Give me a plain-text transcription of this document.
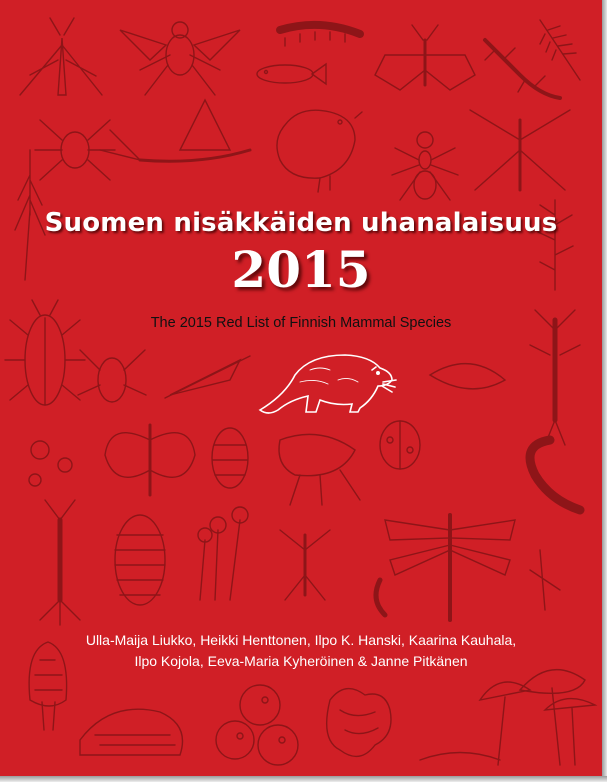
Suomen nisäkkäiden uhanalaisuus
2015
The 2015 Red List of Finnish Mammal Species
Ulla-Maija Liukko, Heikki Henttonen, Ilpo K. Hanski, Kaarina Kauhala,
Ilpo Kojola, Eeva-Maria Kyheröinen & Janne Pitkänen
